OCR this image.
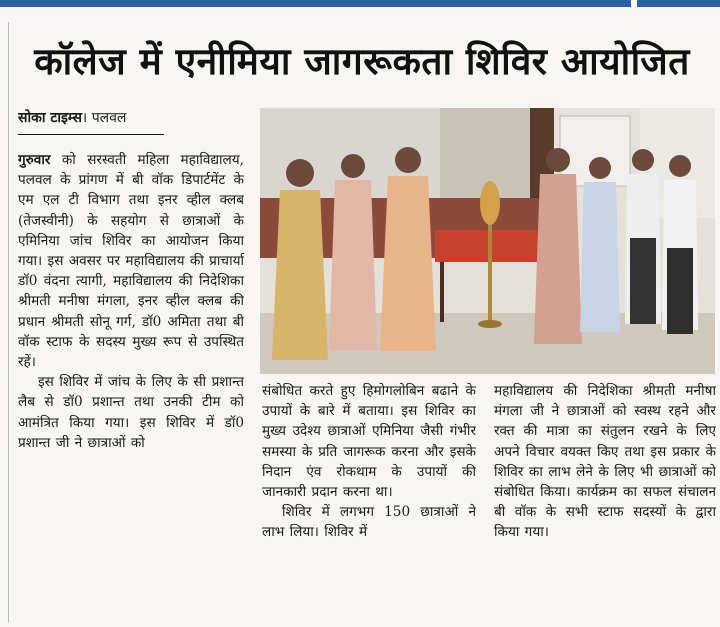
कॉलेज में एनीमिया जागरूकता शिविर आयोजित
सोका टाइम्स। पलवल

गुरुवार को सरस्वती महिला महाविद्यालय, पलवल के प्रांगण में बी वॉक डिपार्टमेंट के एम एल टी विभाग तथा इनर व्हील क्लब (तेजस्वीनी) के सहयोग से छात्राओं के एमिनिया जांच शिविर का आयोजन किया गया। इस अवसर पर महाविद्यालय की प्राचार्या डॉ0 वंदना त्यागी, महाविद्यालय की निदेशिका श्रीमती मनीषा मंगला, इनर व्हील क्लब की प्रधान श्रीमती सोनू गर्ग, डॉ0 अमिता तथा बी वॉक स्टाफ के सदस्य मुख्य रूप से उपस्थित रहें।

इस शिविर में जांच के लिए के सी प्रशान्त लैब से डॉ0 प्रशान्त तथा उनकी टीम को आमंत्रित किया गया। इस शिविर में डॉ0 प्रशान्त जी ने छात्राओं को

संबोधित करते हुए हिमोगलोबिन बढाने के उपायों के बारे में बताया। इस शिविर का मुख्य उदेश्य छात्राओं एमिनिया जैसी गंभीर समस्या के प्रति जागरूक करना और इसके निदान एंव रोकथाम के उपायों की जानकारी प्रदान करना था।

शिविर में लगभग 150 छात्राओं ने लाभ लिया। शिविर में

महाविद्यालय की निदेशिका श्रीमती मनीषा मंगला जी ने छात्राओं को स्वस्थ रहने और रक्त की मात्रा का संतुलन रखने के लिए अपने विचार वयक्त किए तथा इस प्रकार के शिविर का लाभ लेने के लिए भी छात्राओं को संबोधित किया। कार्यक्रम का सफल संचालन बी वॉक के सभी स्टाफ सदस्यों के द्वारा किया गया।
